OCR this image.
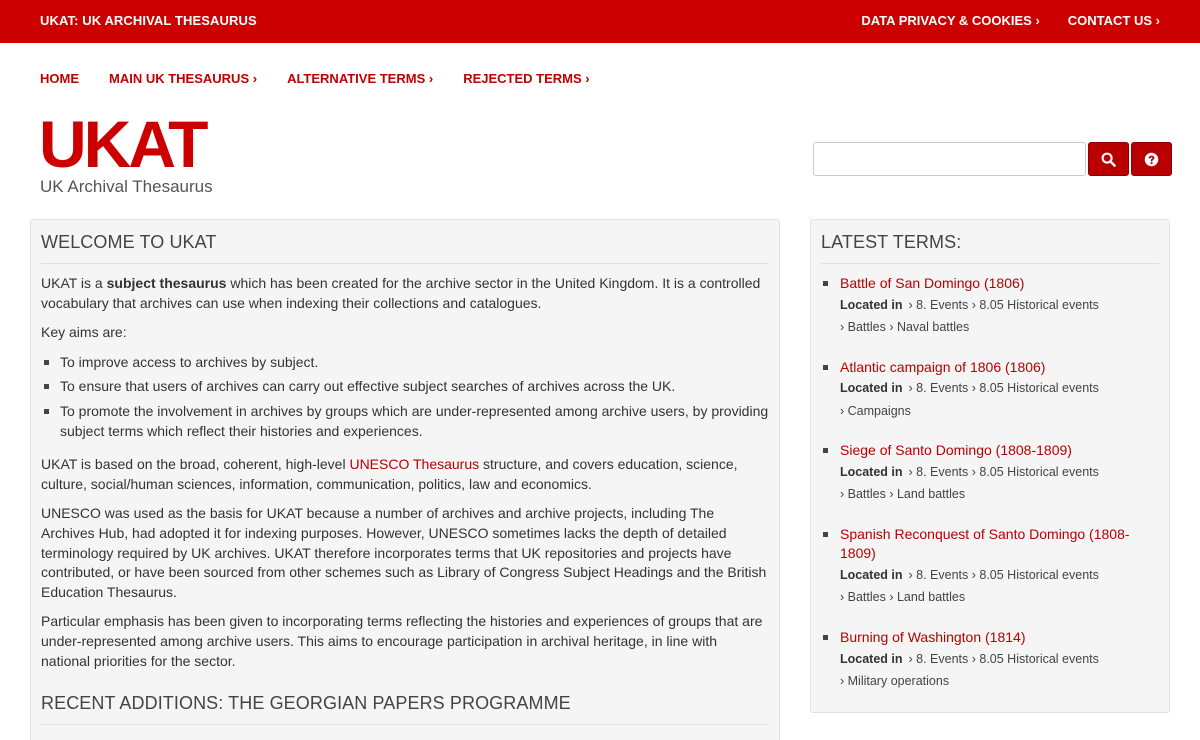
UKAT: UK ARCHIVAL THESAURUS	DATA PRIVACY & COOKIES › CONTACT US ›
HOME MAIN UK THESAURUS › ALTERNATIVE TERMS › REJECTED TERMS ›
UKAT
UK Archival Thesaurus
WELCOME TO UKAT

UKAT is a subject thesaurus which has been created for the archive sector in the United Kingdom. It is a controlled vocabulary that archives can use when indexing their collections and catalogues.

Key aims are:

To improve access to archives by subject.
To ensure that users of archives can carry out effective subject searches of archives across the UK.
To promote the involvement in archives by groups which are under-represented among archive users, by providing subject terms which reflect their histories and experiences.

UKAT is based on the broad, coherent, high-level UNESCO Thesaurus structure, and covers education, science, culture, social/human sciences, information, communication, politics, law and economics.

UNESCO was used as the basis for UKAT because a number of archives and archive projects, including The Archives Hub, had adopted it for indexing purposes. However, UNESCO sometimes lacks the depth of detailed terminology required by UK archives. UKAT therefore incorporates terms that UK repositories and projects have contributed, or have been sourced from other schemes such as Library of Congress Subject Headings and the British Education Thesaurus.

Particular emphasis has been given to incorporating terms reflecting the histories and experiences of groups that are under-represented among archive users. This aims to encourage participation in archival heritage, in line with national priorities for the sector.

RECENT ADDITIONS: THE GEORGIAN PAPERS PROGRAMME
LATEST TERMS:
Battle of San Domingo (1806)
Located in › 8. Events › 8.05 Historical events
› Battles › Naval battles
Atlantic campaign of 1806 (1806)
Located in › 8. Events › 8.05 Historical events
› Campaigns
Siege of Santo Domingo (1808-1809)
Located in › 8. Events › 8.05 Historical events
› Battles › Land battles
Spanish Reconquest of Santo Domingo (1808-1809)
Located in › 8. Events › 8.05 Historical events
› Battles › Land battles
Burning of Washington (1814)
Located in › 8. Events › 8.05 Historical events
› Military operations
